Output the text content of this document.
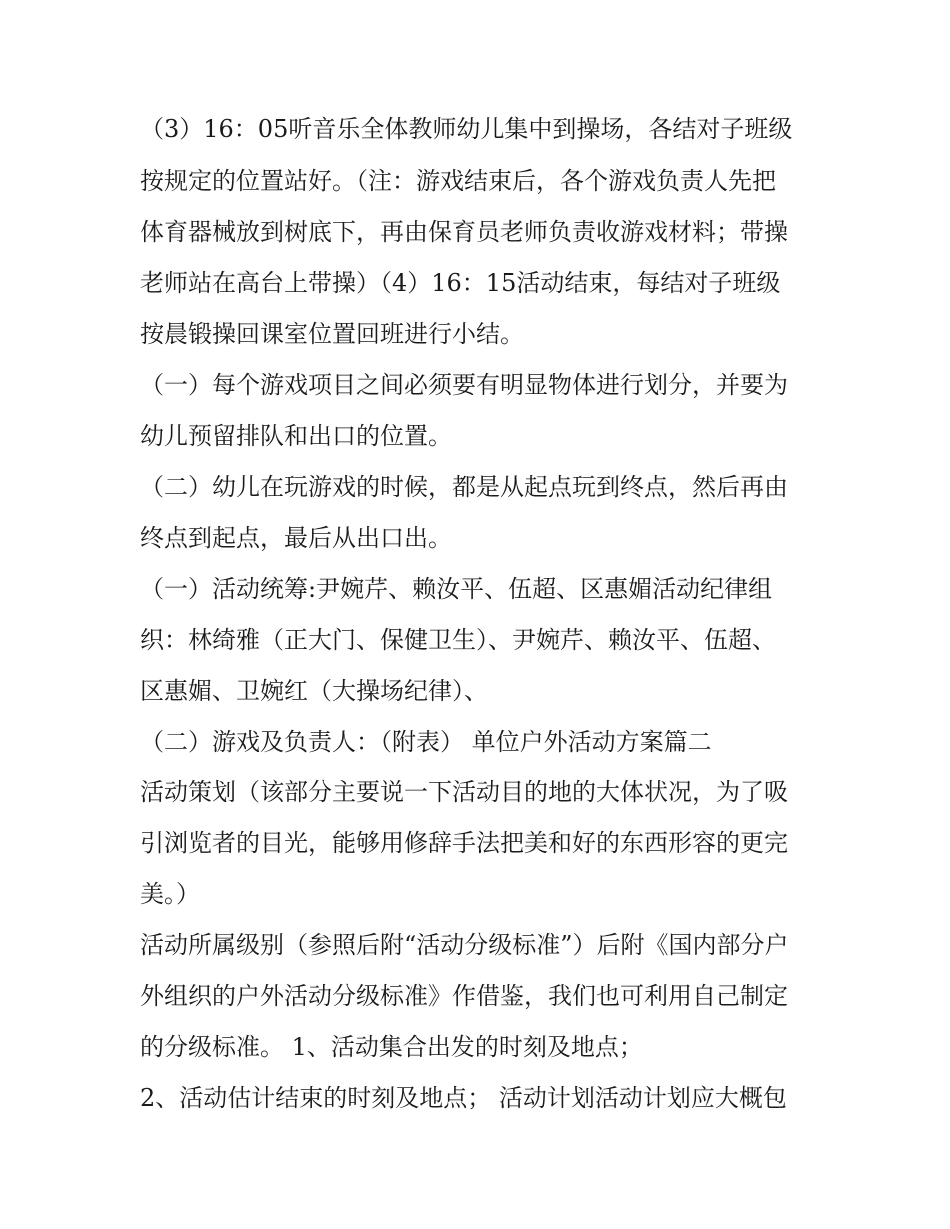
（3）16：05听音乐全体教师幼儿集中到操场，各结对子班级
按规定的位置站好。（注：游戏结束后，各个游戏负责人先把
体育器械放到树底下，再由保育员老师负责收游戏材料；带操
老师站在高台上带操）（4）16：15活动结束，每结对子班级
按晨锻操回课室位置回班进行小结。
（一）每个游戏项目之间必须要有明显物体进行划分，并要为
幼儿预留排队和出口的位置。
（二）幼儿在玩游戏的时候，都是从起点玩到终点，然后再由
终点到起点，最后从出口出。
（一）活动统筹:尹婉芹、赖汝平、伍超、区惠媚活动纪律组
织：林绮雅（正大门、保健卫生）、尹婉芹、赖汝平、伍超、
区惠媚、卫婉红（大操场纪律）、
（二）游戏及负责人：（附表） 单位户外活动方案篇二
活动策划（该部分主要说一下活动目的地的大体状况，为了吸
引浏览者的目光，能够用修辞手法把美和好的东西形容的更完
美。）
活动所属级别（参照后附“活动分级标准”）后附《国内部分户
外组织的户外活动分级标准》作借鉴，我们也可利用自己制定
的分级标准。 1、活动集合出发的时刻及地点；
2、活动估计结束的时刻及地点； 活动计划活动计划应大概包
